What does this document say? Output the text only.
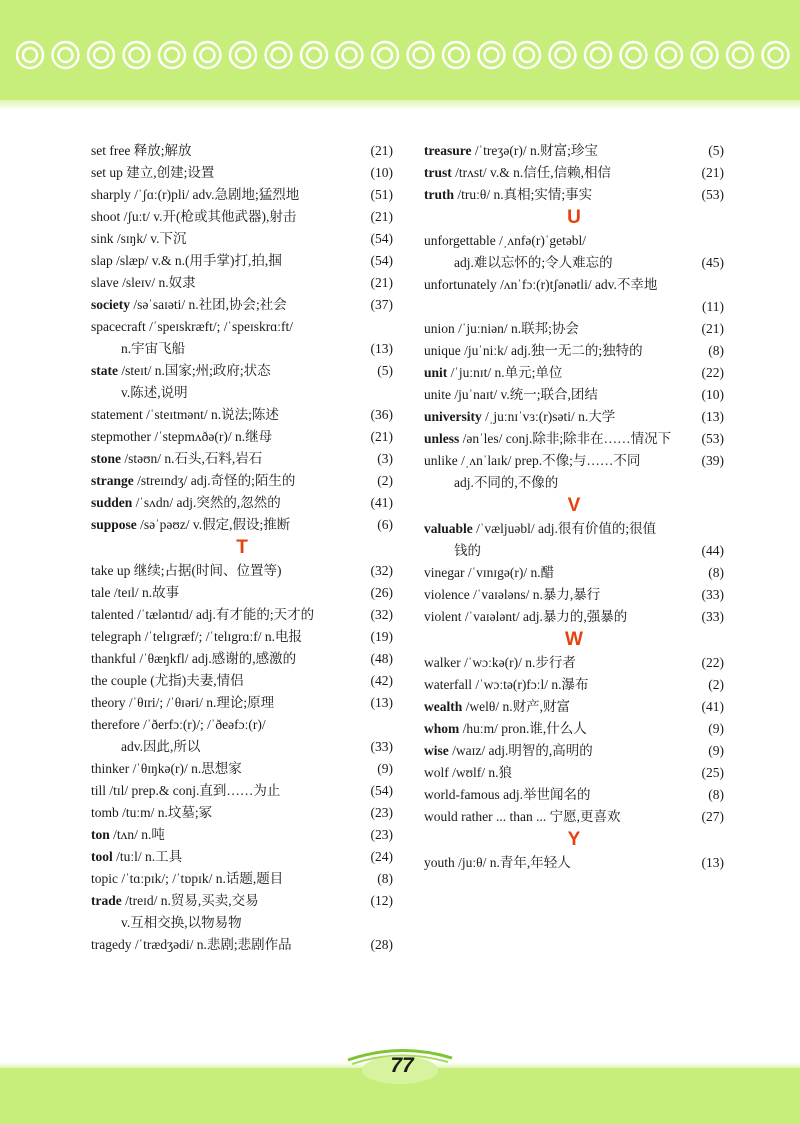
set free 释放;解放	(21)
set up 建立,创建;设置	(10)
sharply /ˈʃɑː(r)pli/ adv.急剧地;猛烈地	(51)
shoot /ʃuːt/ v.开(枪或其他武器),射击	(21)
sink /sɪŋk/ v.下沉	(54)
slap /slæp/ v.& n.(用手掌)打,拍,掴	(54)
slave /sleɪv/ n.奴隶	(21)
society /səˈsaɪəti/ n.社团,协会;社会	(37)
spacecraft /ˈspeɪskræft/; /ˈspeɪskrɑːft/
n.宇宙飞船	(13)
state /steɪt/ n.国家;州;政府;状态
v.陈述,说明
(5)
statement /ˈsteɪtmənt/ n.说法;陈述	(36)
stepmother /ˈstepmʌðə(r)/ n.继母	(21)
stone /stəʊn/ n.石头,石料,岩石	(3)
strange /streɪndʒ/ adj.奇怪的;陌生的	(2)
sudden /ˈsʌdn/ adj.突然的,忽然的	(41)
suppose /səˈpəʊz/ v.假定,假设;推断	(6)
T
take up 继续;占据(时间、位置等)	(32)
tale /teɪl/ n.故事	(26)
talented /ˈtæləntɪd/ adj.有才能的;天才的	(32)
telegraph /ˈtelɪgræf/; /ˈtelɪgrɑːf/ n.电报	(19)
thankful /ˈθæŋkfl/ adj.感谢的,感激的	(48)
the couple (尤指)夫妻,情侣	(42)
theory /ˈθɪri/; /ˈθɪəri/ n.理论;原理	(13)
therefore /ˈðerfɔː(r)/; /ˈðeəfɔː(r)/
adv.因此,所以	(33)
thinker /ˈθɪŋkə(r)/ n.思想家	(9)
till /tɪl/ prep.& conj.直到……为止	(54)
tomb /tuːm/ n.坟墓;冢	(23)
ton /tʌn/ n.吨	(23)
tool /tuːl/ n.工具	(24)
topic /ˈtɑːpɪk/; /ˈtɒpɪk/ n.话题,题目	(8)
trade /treɪd/ n.贸易,买卖,交易
v.互相交换,以物易物
(12)
tragedy /ˈtrædʒədi/ n.悲剧;悲剧作品	(28)
treasure /ˈtreʒə(r)/ n.财富;珍宝	(5)
trust /trʌst/ v.& n.信任,信赖,相信	(21)
truth /truːθ/ n.真相;实情;事实	(53)
U
unforgettable /ˌʌnfə(r)ˈgetəbl/
adj.难以忘怀的;令人难忘的	(45)
unfortunately /ʌnˈfɔː(r)tʃənətli/ adv.不幸地

(11)
union /ˈjuːniən/ n.联邦;协会	(21)
unique /juˈniːk/ adj.独一无二的;独特的	(8)
unit /ˈjuːnɪt/ n.单元;单位	(22)
unite /juˈnaɪt/ v.统一;联合,团结	(10)
university /ˌjuːnɪˈvɜː(r)səti/ n.大学	(13)
unless /ənˈles/ conj.除非;除非在……情况下 (53)
unlike /ˌʌnˈlaɪk/ prep.不像;与……不同
adj.不同的,不像的
(39)
V
valuable /ˈvæljuəbl/ adj.很有价值的;很值
钱的	(44)
vinegar /ˈvɪnɪgə(r)/ n.醋	(8)
violence /ˈvaɪələns/ n.暴力,暴行	(33)
violent /ˈvaɪələnt/ adj.暴力的,强暴的	(33)
W
walker /ˈwɔːkə(r)/ n.步行者	(22)
waterfall /ˈwɔːtə(r)fɔːl/ n.瀑布	(2)
wealth /welθ/ n.财产,财富	(41)
whom /huːm/ pron.谁,什么人	(9)
wise /waɪz/ adj.明智的,高明的	(9)
wolf /wʊlf/ n.狼	(25)
world-famous adj.举世闻名的	(8)
would rather ... than ... 宁愿,更喜欢	(27)
Y
youth /juːθ/ n.青年,年轻人	(13)
77
